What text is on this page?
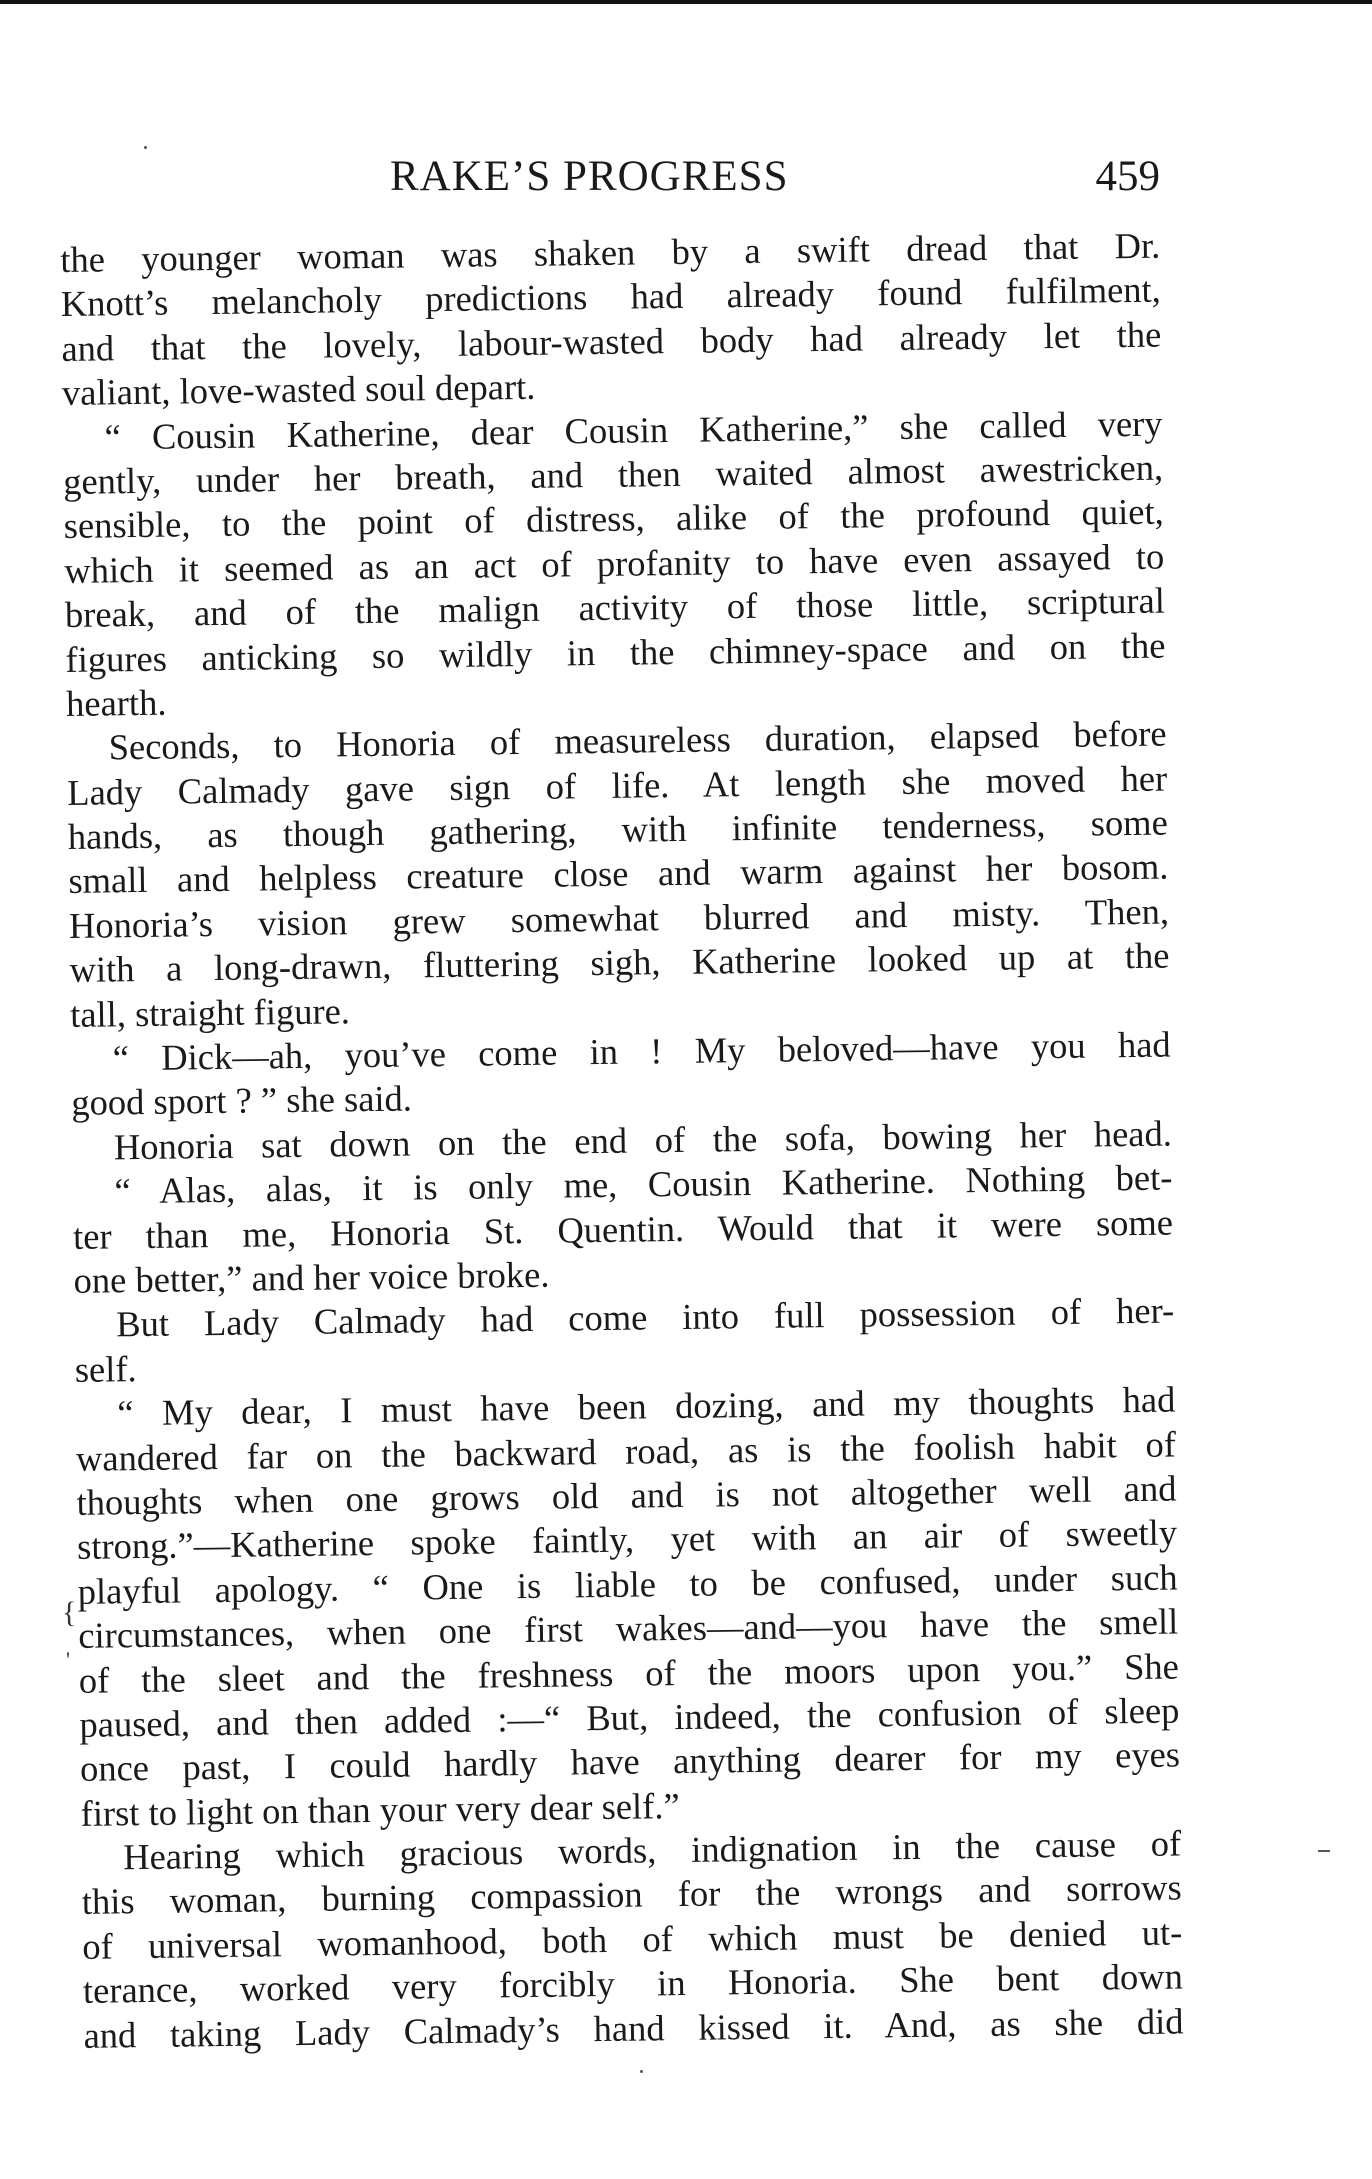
RAKE’S PROGRESS	459
the younger woman was shaken by a swift dread that Dr.
Knott’s melancholy predictions had already found fulfilment,
and that the lovely, labour-wasted body had already let the
valiant, love-wasted soul depart.
“ Cousin Katherine, dear Cousin Katherine,” she called very
gently, under her breath, and then waited almost awestricken,
sensible, to the point of distress, alike of the profound quiet,
which it seemed as an act of profanity to have even assayed to
break, and of the malign activity of those little, scriptural
figures anticking so wildly in the chimney-space and on the
hearth.
Seconds, to Honoria of measureless duration, elapsed before
Lady Calmady gave sign of life. At length she moved her
hands, as though gathering, with infinite tenderness, some
small and helpless creature close and warm against her bosom.
Honoria’s vision grew somewhat blurred and misty. Then,
with a long-drawn, fluttering sigh, Katherine looked up at the
tall, straight figure.
“ Dick—ah, you’ve come in ! My beloved—have you had
good sport ? ” she said.
Honoria sat down on the end of the sofa, bowing her head.
“ Alas, alas, it is only me, Cousin Katherine. Nothing bet-
ter than me, Honoria St. Quentin. Would that it were some
one better,” and her voice broke.
But Lady Calmady had come into full possession of her-
self.
“ My dear, I must have been dozing, and my thoughts had
wandered far on the backward road, as is the foolish habit of
thoughts when one grows old and is not altogether well and
strong.”—Katherine spoke faintly, yet with an air of sweetly
playful apology. “ One is liable to be confused, under such
circumstances, when one first wakes—and—you have the smell
of the sleet and the freshness of the moors upon you.” She
paused, and then added :—“ But, indeed, the confusion of sleep
once past, I could hardly have anything dearer for my eyes
first to light on than your very dear self.”
Hearing which gracious words, indignation in the cause of
this woman, burning compassion for the wrongs and sorrows
of universal womanhood, both of which must be denied ut-
terance, worked very forcibly in Honoria. She bent down
and taking Lady Calmady’s hand kissed it. And, as she did
{
'
